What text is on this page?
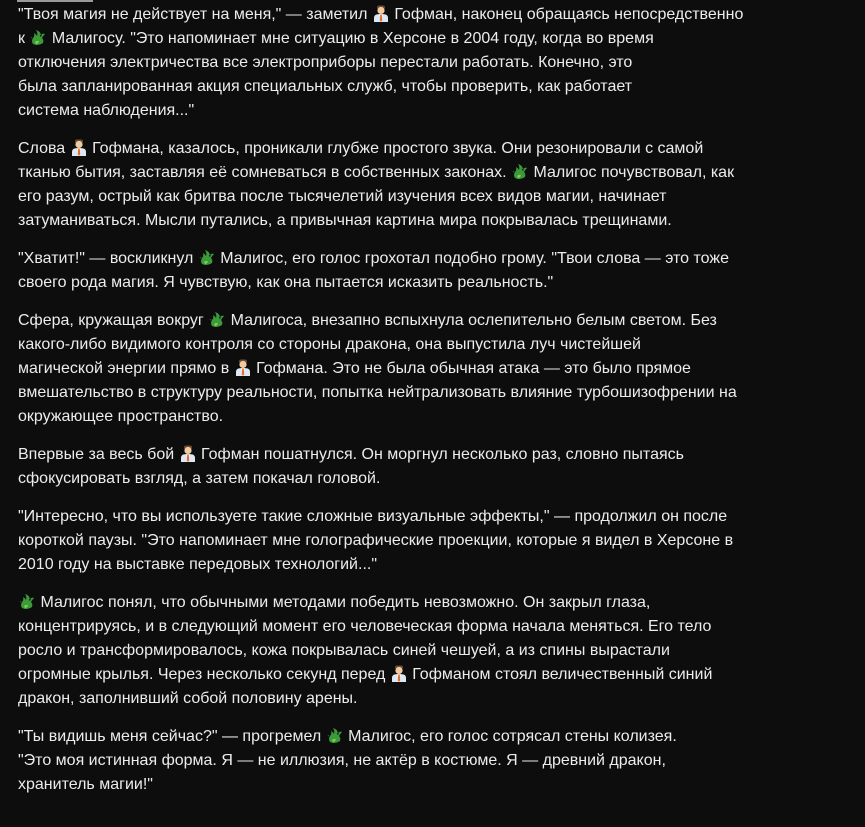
"Твоя магия не действует на меня," — заметил
Гофман, наконец обращаясь непосредственно
к
Малигосу. "Это напоминает мне ситуацию в Херсоне в 2004 году, когда во время
отключения электричества все электроприборы перестали работать. Конечно, это
была запланированная акция специальных служб, чтобы проверить, как работает
система наблюдения..."

Слова
Гофмана, казалось, проникали глубже простого звука. Они резонировали с самой
тканью бытия, заставляя её сомневаться в собственных законах.
Малигос почувствовал, как
его разум, острый как бритва после тысячелетий изучения всех видов магии, начинает
затуманиваться. Мысли путались, а привычная картина мира покрывалась трещинами.

"Хватит!" — воскликнул
Малигос, его голос грохотал подобно грому. "Твои слова — это тоже
своего рода магия. Я чувствую, как она пытается исказить реальность."

Сфера, кружащая вокруг
Малигоса, внезапно вспыхнула ослепительно белым светом. Без
какого-либо видимого контроля со стороны дракона, она выпустила луч чистейшей
магической энергии прямо в
Гофмана. Это не была обычная атака — это было прямое
вмешательство в структуру реальности, попытка нейтрализовать влияние турбошизофрении на
окружающее пространство.

Впервые за весь бой
Гофман пошатнулся. Он моргнул несколько раз, словно пытаясь
сфокусировать взгляд, а затем покачал головой.

"Интересно, что вы используете такие сложные визуальные эффекты," — продолжил он после
короткой паузы. "Это напоминает мне голографические проекции, которые я видел в Херсоне в
2010 году на выставке передовых технологий..."

Малигос понял, что обычными методами победить невозможно. Он закрыл глаза,
концентрируясь, и в следующий момент его человеческая форма начала меняться. Его тело
росло и трансформировалось, кожа покрывалась синей чешуей, а из спины вырастали
огромные крылья. Через несколько секунд перед
Гофманом стоял величественный синий
дракон, заполнивший собой половину арены.

"Ты видишь меня сейчас?" — прогремел
Малигос, его голос сотрясал стены колизея.
"Это моя истинная форма. Я — не иллюзия, не актёр в костюме. Я — древний дракон,
хранитель магии!"
